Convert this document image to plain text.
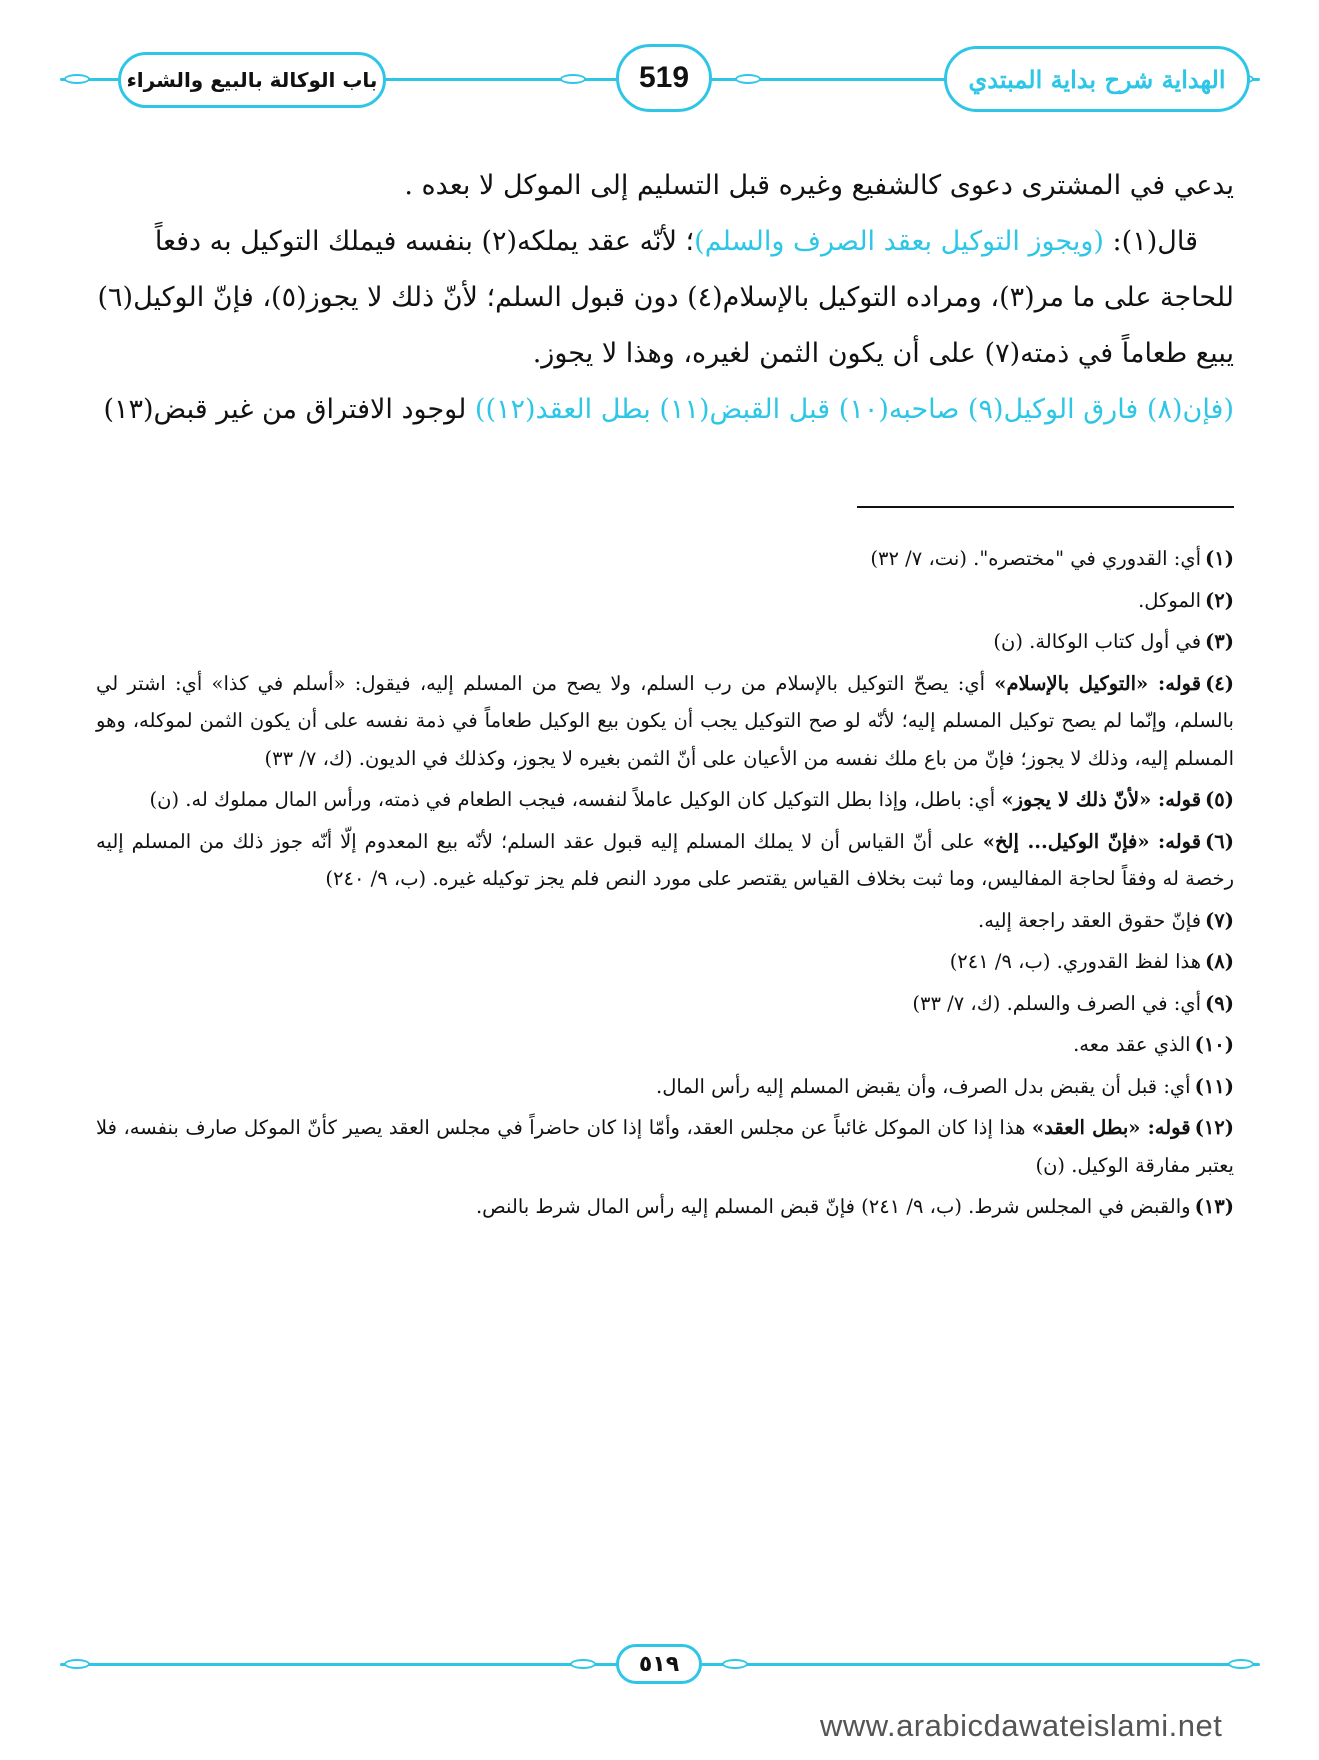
باب الوكالة بالبيع والشراء	519	الهداية شرح بداية المبتدي

يدعي في المشترى دعوى كالشفيع وغيره قبل التسليم إلى الموكل لا بعده .

قال(١): (ويجوز التوكيل بعقد الصرف والسلم)؛ لأنّه عقد يملكه(٢) بنفسه فيملك التوكيل به دفعاً

للحاجة على ما مر(٣)، ومراده التوكيل بالإسلام(٤) دون قبول السلم؛ لأنّ ذلك لا يجوز(٥)، فإنّ الوكيل(٦)

يبيع طعاماً في ذمته(٧) على أن يكون الثمن لغيره، وهذا لا يجوز.

(فإن(٨) فارق الوكيل(٩) صاحبه(١٠) قبل القبض(١١) بطل العقد(١٢)) لوجود الافتراق من غير قبض(١٣)

(١)أي: القدوري في "مختصره". (نت، ٧/ ٣٢)

(٢)الموكل.

(٣)في أول كتاب الوكالة. (ن)

(٤)قوله: «التوكيل بالإسلام» أي: يصحّ التوكيل بالإسلام من رب السلم، ولا يصح من المسلم إليه، فيقول: «أسلم في كذا» أي: اشتر لي بالسلم، وإنّما لم يصح توكيل المسلم إليه؛ لأنّه لو صح التوكيل يجب أن يكون بيع الوكيل طعاماً في ذمة نفسه على أن يكون الثمن لموكله، وهو المسلم إليه، وذلك لا يجوز؛ فإنّ من باع ملك نفسه من الأعيان على أنّ الثمن بغيره لا يجوز، وكذلك في الديون. (ك، ٧/ ٣٣)

(٥)قوله: «لأنّ ذلك لا يجوز» أي: باطل، وإذا بطل التوكيل كان الوكيل عاملاً لنفسه، فيجب الطعام في ذمته، ورأس المال مملوك له. (ن)

(٦)قوله: «فإنّ الوكيل... إلخ» على أنّ القياس أن لا يملك المسلم إليه قبول عقد السلم؛ لأنّه بيع المعدوم إلّا أنّه جوز ذلك من المسلم إليه رخصة له وفقاً لحاجة المفاليس، وما ثبت بخلاف القياس يقتصر على مورد النص فلم يجز توكيله غيره. (ب، ٩/ ٢٤٠)

(٧)فإنّ حقوق العقد راجعة إليه.

(٨)هذا لفظ القدوري. (ب، ٩/ ٢٤١)

(٩)أي: في الصرف والسلم. (ك، ٧/ ٣٣)

(١٠)الذي عقد معه.

(١١)أي: قبل أن يقبض بدل الصرف، وأن يقبض المسلم إليه رأس المال.

(١٢)قوله: «بطل العقد» هذا إذا كان الموكل غائباً عن مجلس العقد، وأمّا إذا كان حاضراً في مجلس العقد يصير كأنّ الموكل صارف بنفسه، فلا يعتبر مفارقة الوكيل. (ن)

(١٣)والقبض في المجلس شرط. (ب، ٩/ ٢٤١) فإنّ قبض المسلم إليه رأس المال شرط بالنص.

٥١٩
www.arabicdawateislami.net
